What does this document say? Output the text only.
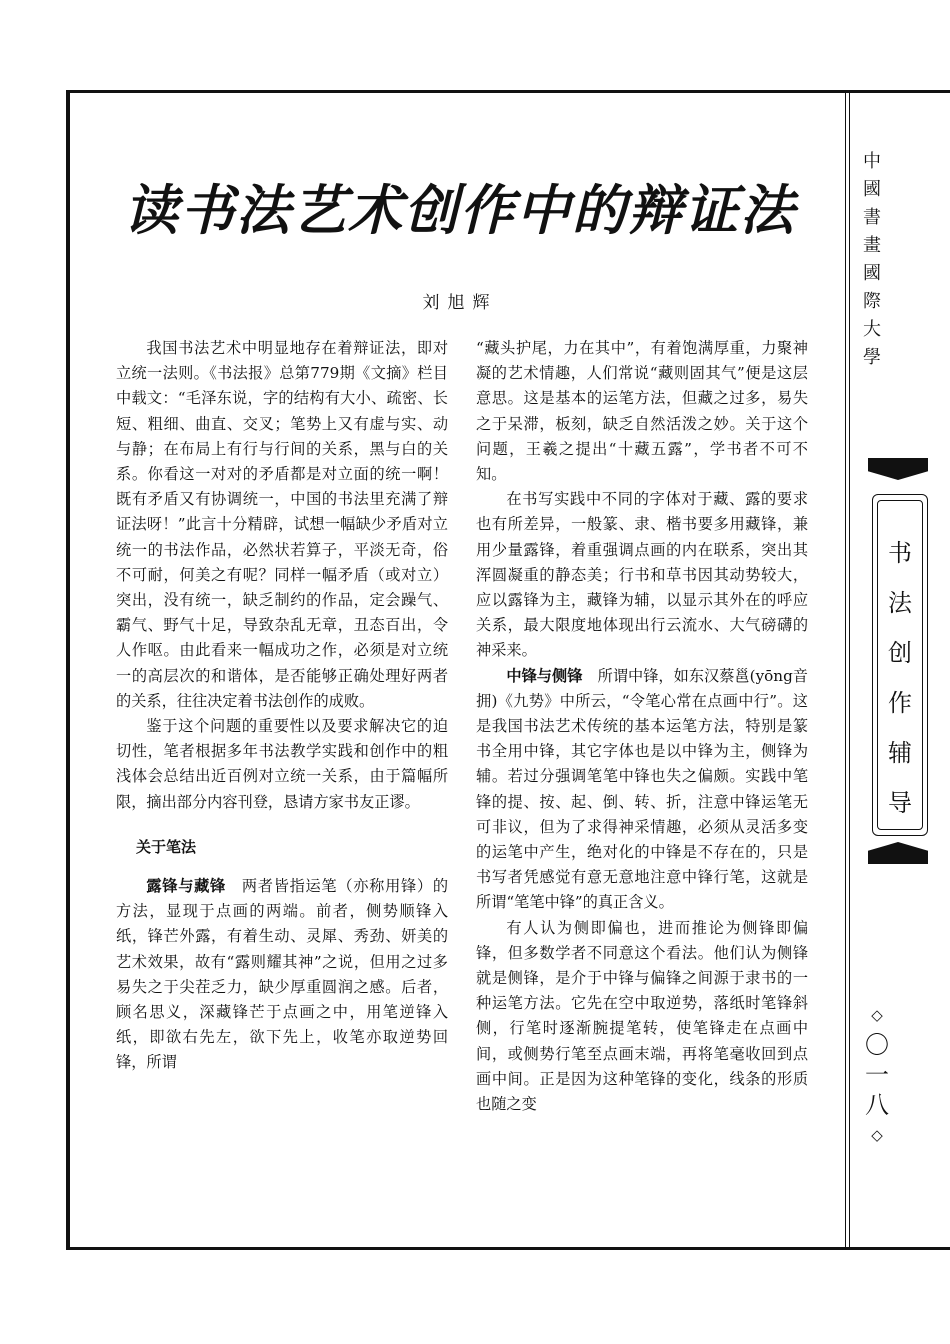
读书法艺术创作中的辩证法
刘旭辉

我国书法艺术中明显地存在着辩证法，即对立统一法则。《书法报》总第779期《文摘》栏目中载文：“毛泽东说，字的结构有大小、疏密、长短、粗细、曲直、交叉；笔势上又有虚与实、动与静；在布局上有行与行间的关系，黑与白的关系。你看这一对对的矛盾都是对立面的统一啊！既有矛盾又有协调统一，中国的书法里充满了辩证法呀！”此言十分精辟，试想一幅缺少矛盾对立统一的书法作品，必然状若算子，平淡无奇，俗不可耐，何美之有呢？同样一幅矛盾（或对立）突出，没有统一，缺乏制约的作品，定会躁气、霸气、野气十足，导致杂乱无章，丑态百出，令人作呕。由此看来一幅成功之作，必须是对立统一的高层次的和谐体，是否能够正确处理好两者的关系，往往决定着书法创作的成败。

鉴于这个问题的重要性以及要求解决它的迫切性，笔者根据多年书法教学实践和创作中的粗浅体会总结出近百例对立统一关系，由于篇幅所限，摘出部分内容刊登，恳请方家书友正谬。

关于笔法

露锋与藏锋　 两者皆指运笔（亦称用锋）的方法，显现于点画的两端。前者，侧势顺锋入纸，锋芒外露，有着生动、灵犀、秀劲、妍美的艺术效果，故有“露则耀其神”之说，但用之过多易失之于尖茬乏力，缺少厚重圆润之感。后者，顾名思义，深藏锋芒于点画之中，用笔逆锋入纸，即欲右先左，欲下先上，收笔亦取逆势回锋，所谓

“藏头护尾，力在其中”，有着饱满厚重，力聚神凝的艺术情趣，人们常说“藏则固其气”便是这层意思。这是基本的运笔方法，但藏之过多，易失之于呆滞，板刻，缺乏自然活泼之妙。关于这个问题，王羲之提出“十藏五露”，学书者不可不知。

在书写实践中不同的字体对于藏、露的要求也有所差异，一般篆、隶、楷书要多用藏锋，兼用少量露锋，着重强调点画的内在联系，突出其浑圆凝重的静态美；行书和草书因其动势较大，应以露锋为主，藏锋为辅，以显示其外在的呼应关系，最大限度地体现出行云流水、大气磅礴的神采来。

中锋与侧锋　 所谓中锋，如东汉蔡邕(yōng音拥)《九势》中所云，“令笔心常在点画中行”。这是我国书法艺术传统的基本运笔方法，特别是篆书全用中锋，其它字体也是以中锋为主，侧锋为辅。若过分强调笔笔中锋也失之偏颇。实践中笔锋的提、按、起、倒、转、折，注意中锋运笔无可非议，但为了求得神采情趣，必须从灵活多变的运笔中产生，绝对化的中锋是不存在的，只是书写者凭感觉有意无意地注意中锋行笔，这就是所谓“笔笔中锋”的真正含义。

有人认为侧即偏也，进而推论为侧锋即偏锋，但多数学者不同意这个看法。他们认为侧锋就是侧锋，是介于中锋与偏锋之间源于隶书的一种运笔方法。它先在空中取逆势，落纸时笔锋斜侧，行笔时逐渐腕提笔转，使笔锋走在点画中间，或侧势行笔至点画末端，再将笔毫收回到点画中间。正是因为这种笔锋的变化，线条的形质也随之变

中
國
書
畫
國
際
大
學
书
法
创
作
辅
导
◇
〇
一
八
◇
